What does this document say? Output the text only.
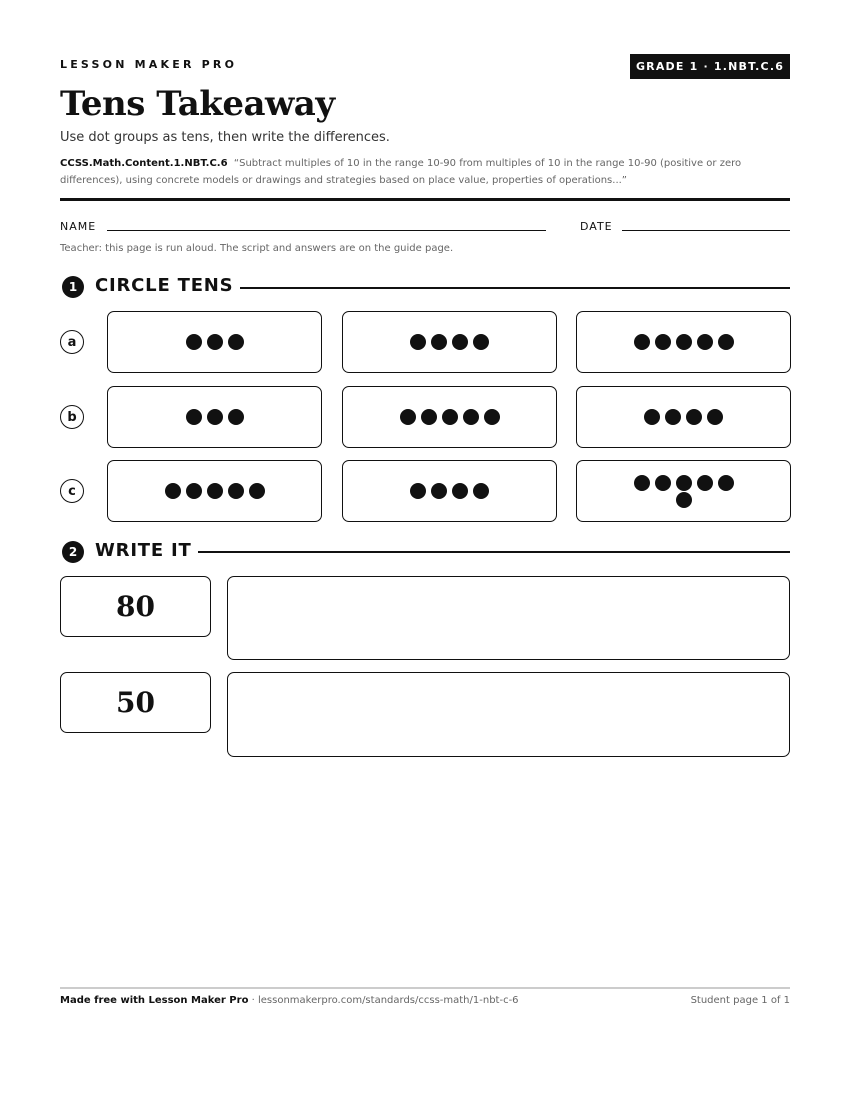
LESSON MAKER PRO	GRADE 1 · 1.NBT.C.6
Tens Takeaway
Use dot groups as tens, then write the differences.
CCSS.Math.Content.1.NBT.C.6 “Subtract multiples of 10 in the range 10-90 from multiples of 10 in the range 10-90 (positive or zero differences), using concrete models or drawings and strategies based on place value, properties of operations...”
NAME	DATE
Teacher: this page is run aloud. The script and answers are on the guide page.
1 CIRCLE TENS
a
b
c
2 WRITE IT
80
50
Made free with Lesson Maker Pro · lessonmakerpro.com/standards/ccss-math/1-nbt-c-6	Student page 1 of 1
